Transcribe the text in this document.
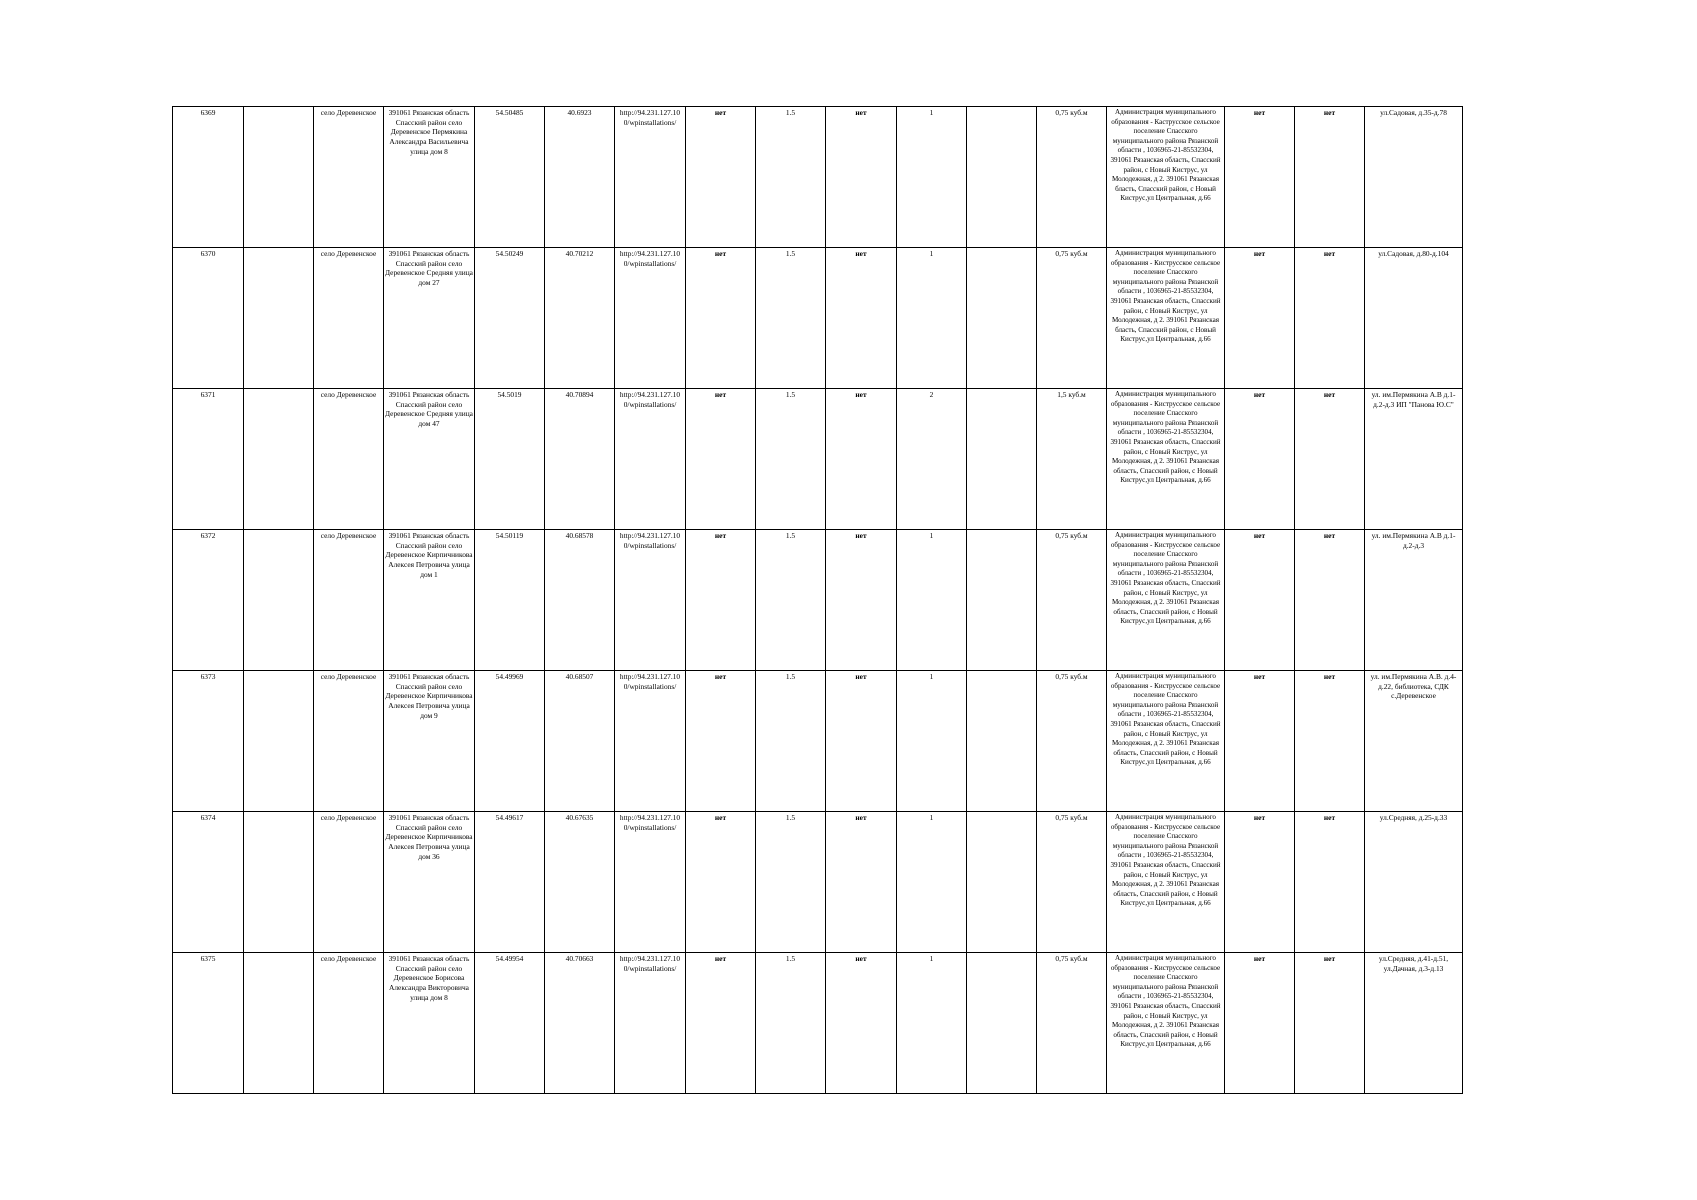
6369		село Деревенское	391061 Рязанская область Спасский район село Деревенское Пермякина Александра Васильевича улица дом 8	54.50485	40.6923	http://94.231.127.10 0/wpinstallations/	нет	1.5	нет	1		0,75 куб.м	Администрация муниципального образования - Каструсское сельское поселение Спасского муниципального района Рязанской области , 1036965-21-85532304, 391061 Рязанская область, Спасский район, с Новый Киструс, ул Молодежная, д 2. 391061 Рязанская бласть, Спасский район, с Новый Киструс,ул Центральная, д.66	нет	нет	ул.Садовая, д.35-д.78
6370		село Деревенское	391061 Рязанская область Спасский район село Деревенское Средняя улица дом 27	54.50249	40.70212	http://94.231.127.10 0/wpinstallations/	нет	1.5	нет	1		0,75 куб.м	Администрация муниципального образования - Киструсское сельское поселение Спасского муниципального района Рязанской области , 1036965-21-85532304, 391061 Рязанская область, Спасский район, с Новый Киструс, ул Молодежная, д 2. 391061 Рязанская бласть, Спасский район, с Новый Киструс,ул Центральная, д.66	нет	нет	ул.Садовая, д.80-д.104
6371		село Деревенское	391061 Рязанская область Спасский район село Деревенское Средняя улица дом 47	54.5019	40.70894	http://94.231.127.10 0/wpinstallations/	нет	1.5	нет	2		1,5 куб.м	Администрация муниципального образования - Киструсское сельское поселение Спасского муниципального района Рязанской области , 1036965-21-85532304, 391061 Рязанская область, Спасский район, с Новый Киструс, ул Молодежная, д 2. 391061 Рязанская область, Спасский район, с Новый Киструс,ул Центральная, д.66	нет	нет	ул. им.Пермякина А.В д.1-д.2-д.3 ИП "Панова Ю.С"
6372		село Деревенское	391061 Рязанская область Спасский район село Деревенское Кирпичникова Алексея Петровича улица дом 1	54.50119	40.68578	http://94.231.127.10 0/wpinstallations/	нет	1.5	нет	1		0,75 куб.м	Администрация муниципального образования - Киструсское сельское поселение Спасского муниципального района Рязанской области , 1036965-21-85532304, 391061 Рязанская область, Спасский район, с Новый Киструс, ул Молодежная, д 2. 391061 Рязанская область, Спасский район, с Новый Киструс,ул Центральная, д.66	нет	нет	ул. им.Пермякина А.В д.1-д.2-д.3
6373		село Деревенское	391061 Рязанская область Спасский район село Деревенское Кирпичникова Алексея Петровича улица дом 9	54.49969	40.68507	http://94.231.127.10 0/wpinstallations/	нет	1.5	нет	1		0,75 куб.м	Администрация муниципального образования - Киструсское сельское поселение Спасского муниципального района Рязанской области , 1036965-21-85532304, 391061 Рязанская область, Спасский район, с Новый Киструс, ул Молодежная, д 2. 391061 Рязанская область, Спасский район, с Новый Киструс,ул Центральная, д.66	нет	нет	ул. им.Пермякина А.В. д.4-д.22, библиотека, СДК с.Деревенское
6374		село Деревенское	391061 Рязанская область Спасский район село Деревенское Кирпичникова Алексея Петровича улица дом 36	54.49617	40.67635	http://94.231.127.10 0/wpinstallations/	нет	1.5	нет	1		0,75 куб.м	Администрация муниципального образования - Киструсское сельское поселение Спасского муниципального района Рязанской области , 1036965-21-85532304, 391061 Рязанская область, Спасский район, с Новый Киструс, ул Молодежная, д 2. 391061 Рязанская область, Спасский район, с Новый Киструс,ул Центральная, д.66	нет	нет	ул.Средняя, д.25-д.33
6375		село Деревенское	391061 Рязанская область Спасский район село Деревенское Борисова Александра Викторовича улица дом 8	54.49954	40.70663	http://94.231.127.10 0/wpinstallations/	нет	1.5	нет	1		0,75 куб.м	Администрация муниципального образования - Киструсское сельское поселение Спасского муниципального района Рязанской области , 1036965-21-85532304, 391061 Рязанская область, Спасский район, с Новый Киструс, ул Молодежная, д 2. 391061 Рязанская область, Спасский район, с Новый Киструс,ул Центральная, д.66	нет	нет	ул.Средняя, д.41-д.51, ул.Дачная, д.3-д.13
